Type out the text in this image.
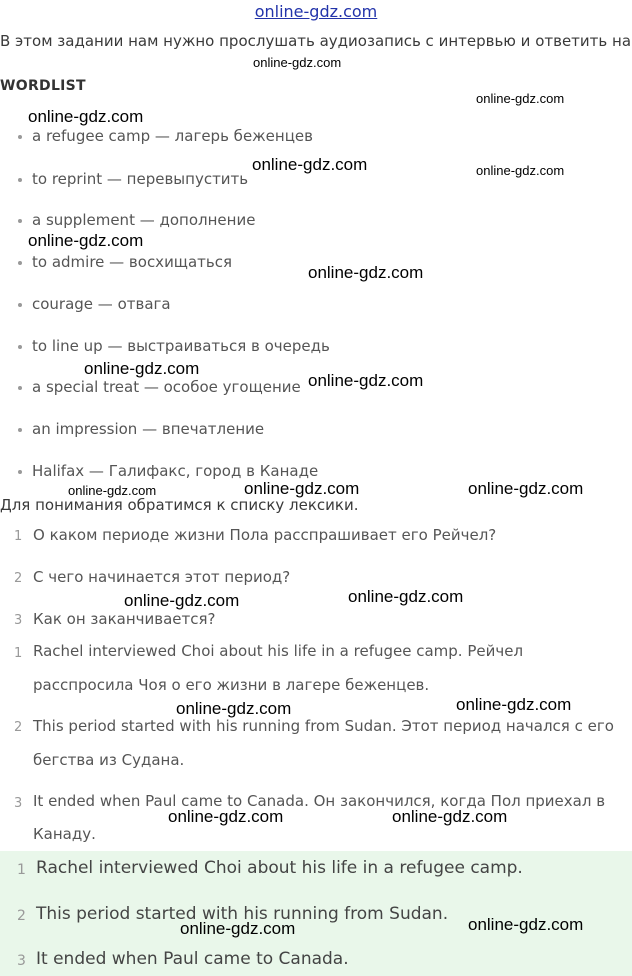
online-gdz.com
В этом задании нам нужно прослушать аудиозапись с интервью и ответить на
WORDLIST
a refugee camp — лагерь беженцев
to reprint — перевыпустить
a supplement — дополнение
to admire — восхищаться
courage — отвага
to line up — выстраиваться в очередь
a special treat — особое угощение
an impression — впечатление
Halifax — Галифакс, город в Канаде
Для понимания обратимся к списку лексики.
1 О каком периоде жизни Пола расспрашивает его Рейчел?
2 С чего начинается этот период?
3 Как он заканчивается?
1 Rachel interviewed Choi about his life in a refugee camp. Рейчел
расспросила Чоя о его жизни в лагере беженцев.
2 This period started with his running from Sudan. Этот период начался с его
бегства из Судана.
3 It ended when Paul came to Canada. Он закончился, когда Пол приехал в
Канаду.
1 Rachel interviewed Choi about his life in a refugee camp.
2 This period started with his running from Sudan.
3 It ended when Paul came to Canada.
online-gdz.com
online-gdz.com
online-gdz.com
online-gdz.com	online-gdz.com
online-gdz.com
online-gdz.com
online-gdz.com
online-gdz.com
online-gdz.com	online-gdz.com	online-gdz.com
online-gdz.com	online-gdz.com
online-gdz.com	online-gdz.com
online-gdz.com	online-gdz.com
online-gdz.com	online-gdz.com
